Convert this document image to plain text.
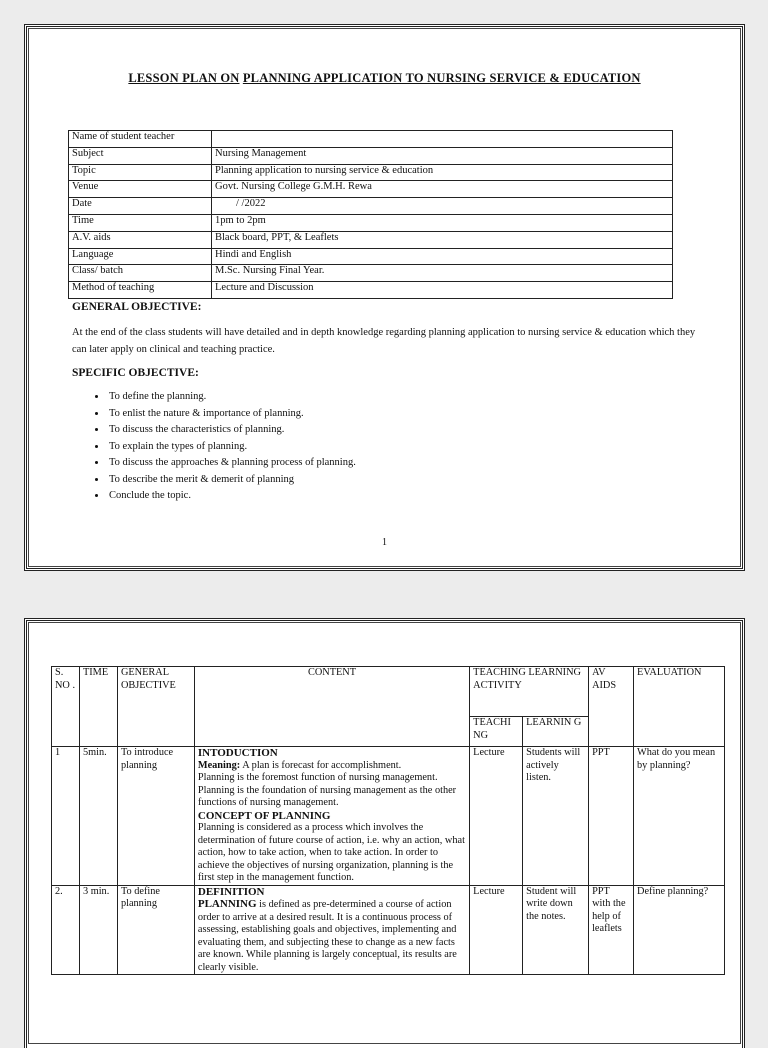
LESSON PLAN ON PLANNING APPLICATION TO NURSING SERVICE & EDUCATION
Name of student teacher	
Subject	Nursing Management
Topic	Planning application to nursing service & education
Venue	Govt. Nursing College G.M.H. Rewa
Date	/ /2022
Time	1pm to 2pm
A.V. aids	Black board, PPT, & Leaflets
Language	Hindi and English
Class/ batch	M.Sc. Nursing Final Year.
Method of teaching	Lecture and Discussion
GENERAL OBJECTIVE:
At the end of the class students will have detailed and in depth knowledge regarding planning application to nursing service & education which they can later apply on clinical and teaching practice.
SPECIFIC OBJECTIVE:
• To define the planning.
• To enlist the nature & importance of planning.
• To discuss the characteristics of planning.
• To explain the types of planning.
• To discuss the approaches & planning process of planning.
• To describe the merit & demerit of planning
• Conclude the topic.
1
S. NO .	TIME	GENERAL OBJECTIVE	CONTENT	TEACHING LEARNING ACTIVITY		AV AIDS	EVALUATION
				TEACHI NG	LEARNIN G		
1	5min.	To introduce planning	INTODUCTION
Meaning: A plan is forecast for accomplishment.
Planning is the foremost function of nursing management. Planning is the foundation of nursing management as the other functions of nursing management.
CONCEPT OF PLANNING
Planning is considered as a process which involves the determination of future course of action, i.e. why an action, what action, how to take action, when to take action. In order to achieve the objectives of nursing organization, planning is the first step in the management function.	Lecture	Students will actively listen.	PPT	What do you mean by planning?
2.	3 min.	To define planning	DEFINITION
PLANNING is defined as pre-determined a course of action order to arrive at a desired result. It is a continuous process of assessing, establishing goals and objectives, implementing and evaluating them, and subjecting these to change as a new facts are known. While planning is largely conceptual, its results are clearly visible.	Lecture	Student will write down the notes.	PPT with the help of leaflets	Define planning?
